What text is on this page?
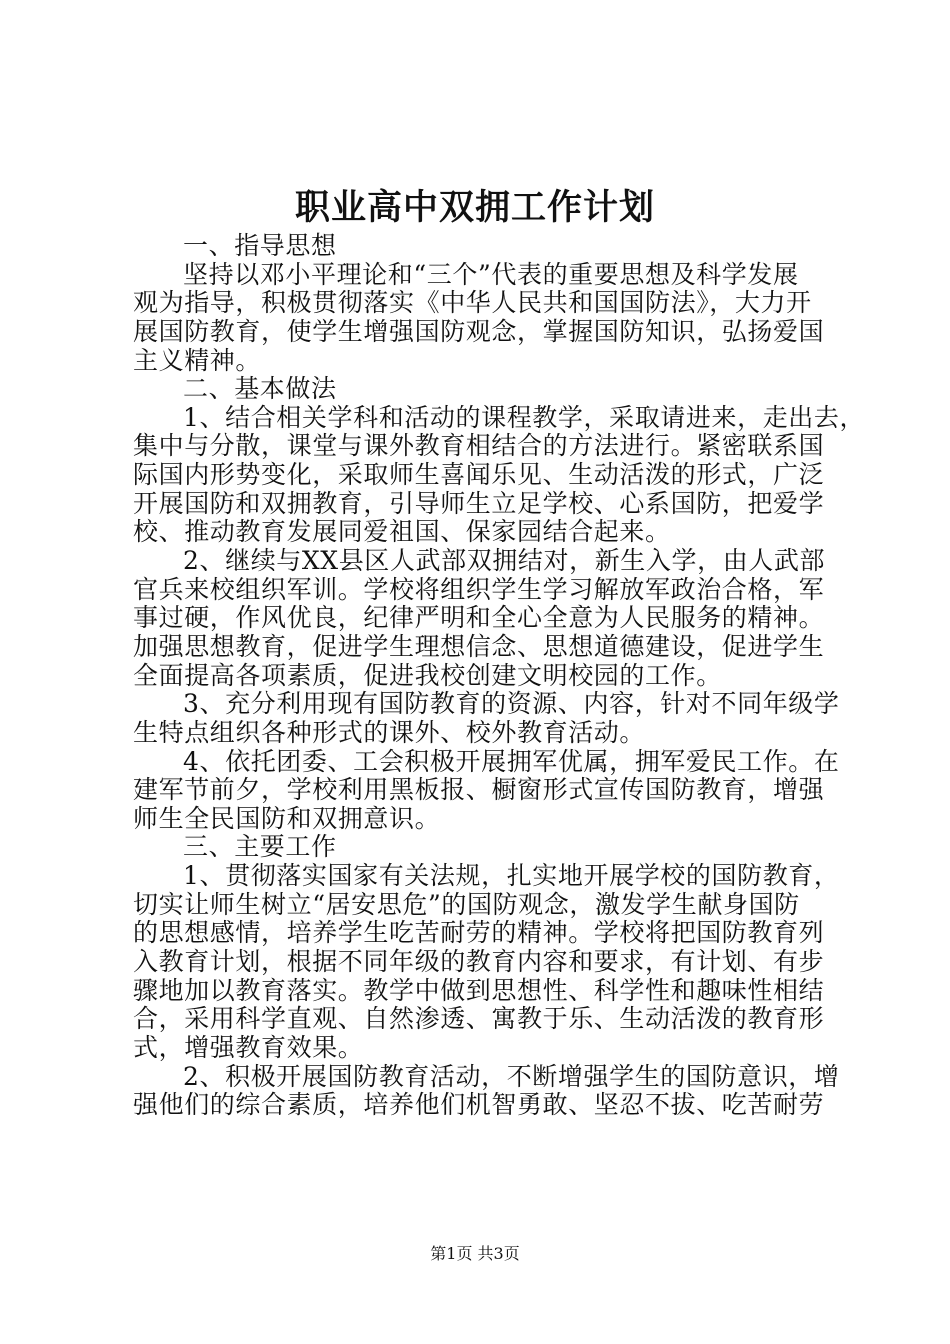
职业高中双拥工作计划
一、指导思想
坚持以邓小平理论和“三个”代表的重要思想及科学发展
观为指导，积极贯彻落实《中华人民共和国国防法》，大力开
展国防教育，使学生增强国防观念，掌握国防知识，弘扬爱国
主义精神。
二、基本做法
1、结合相关学科和活动的课程教学，采取请进来，走出去，
集中与分散，课堂与课外教育相结合的方法进行。紧密联系国
际国内形势变化，采取师生喜闻乐见、生动活泼的形式，广泛
开展国防和双拥教育，引导师生立足学校、心系国防，把爱学
校、推动教育发展同爱祖国、保家园结合起来。
2、继续与XX县区人武部双拥结对，新生入学，由人武部
官兵来校组织军训。学校将组织学生学习解放军政治合格，军
事过硬，作风优良，纪律严明和全心全意为人民服务的精神。
加强思想教育，促进学生理想信念、思想道德建设，促进学生
全面提高各项素质，促进我校创建文明校园的工作。
3、充分利用现有国防教育的资源、内容，针对不同年级学
生特点组织各种形式的课外、校外教育活动。
4、依托团委、工会积极开展拥军优属，拥军爱民工作。在
建军节前夕，学校利用黑板报、橱窗形式宣传国防教育，增强
师生全民国防和双拥意识。
三、主要工作
1、贯彻落实国家有关法规，扎实地开展学校的国防教育，
切实让师生树立“居安思危”的国防观念，激发学生献身国防
的思想感情，培养学生吃苦耐劳的精神。学校将把国防教育列
入教育计划，根据不同年级的教育内容和要求，有计划、有步
骤地加以教育落实。教学中做到思想性、科学性和趣味性相结
合，采用科学直观、自然渗透、寓教于乐、生动活泼的教育形
式，增强教育效果。
2、积极开展国防教育活动，不断增强学生的国防意识，增
强他们的综合素质，培养他们机智勇敢、坚忍不拔、吃苦耐劳
第1页 共3页
